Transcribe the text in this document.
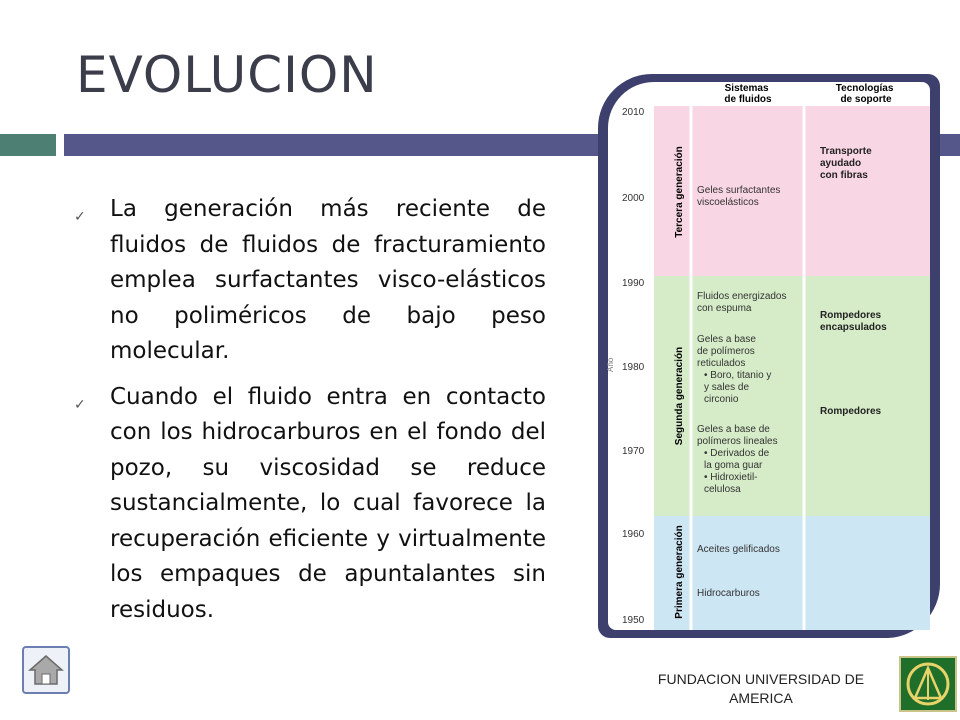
EVOLUCION
✓ La generación más reciente de fluidos de fluidos de fracturamiento emplea surfactantes visco-elásticos no poliméricos de bajo peso molecular.
✓ Cuando el fluido entra en contacto con los hidrocarburos en el fondo del pozo, su viscosidad se reduce sustancialmente, lo cual favorece la recuperación eficiente y virtualmente los empaques de apuntalantes sin residuos.
Sistemas de fluidos
Tecnologías de soporte
2010
2000
1990
1980
1970
1960
1950
Año
Tercera generación
Segunda generación
Primera generación
Geles surfactantes viscoelásticos
Fluidos energizados con espuma
Geles a base de polímeros reticulados • Boro, titanio y y sales de circonio
Geles a base de polímeros lineales • Derivados de la goma guar • Hidroxietil- celulosa
Aceites gelificados
Hidrocarburos
Transporte ayudado con fibras
Rompedores encapsulados
Rompedores
FUNDACION UNIVERSIDAD DE AMERICA
